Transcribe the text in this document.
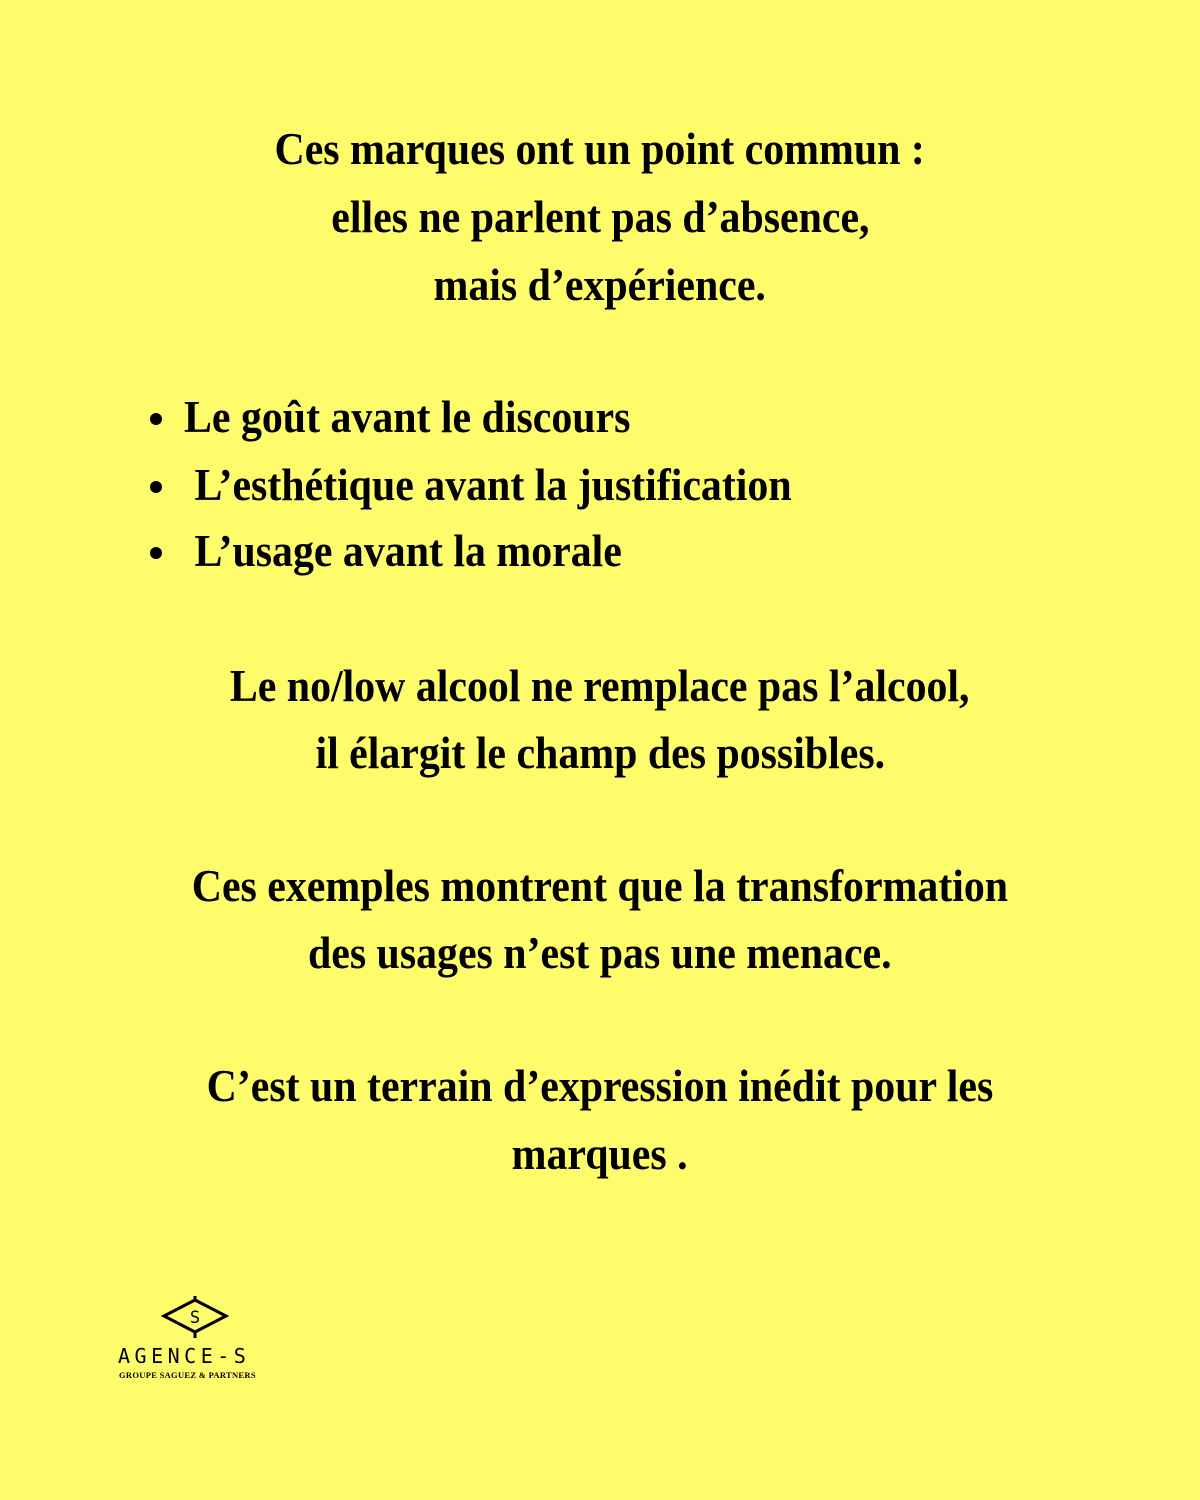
Ces marques ont un point commun :
elles ne parlent pas d’absence,
mais d’expérience.
Le goût avant le discours
L’esthétique avant la justification
L’usage avant la morale
Le no/low alcool ne remplace pas l’alcool,
il élargit le champ des possibles.
Ces exemples montrent que la transformation
des usages n’est pas une menace.
C’est un terrain d’expression inédit pour les
marques .
S
AGENCE-S
GROUPE SAGUEZ & PARTNERS
